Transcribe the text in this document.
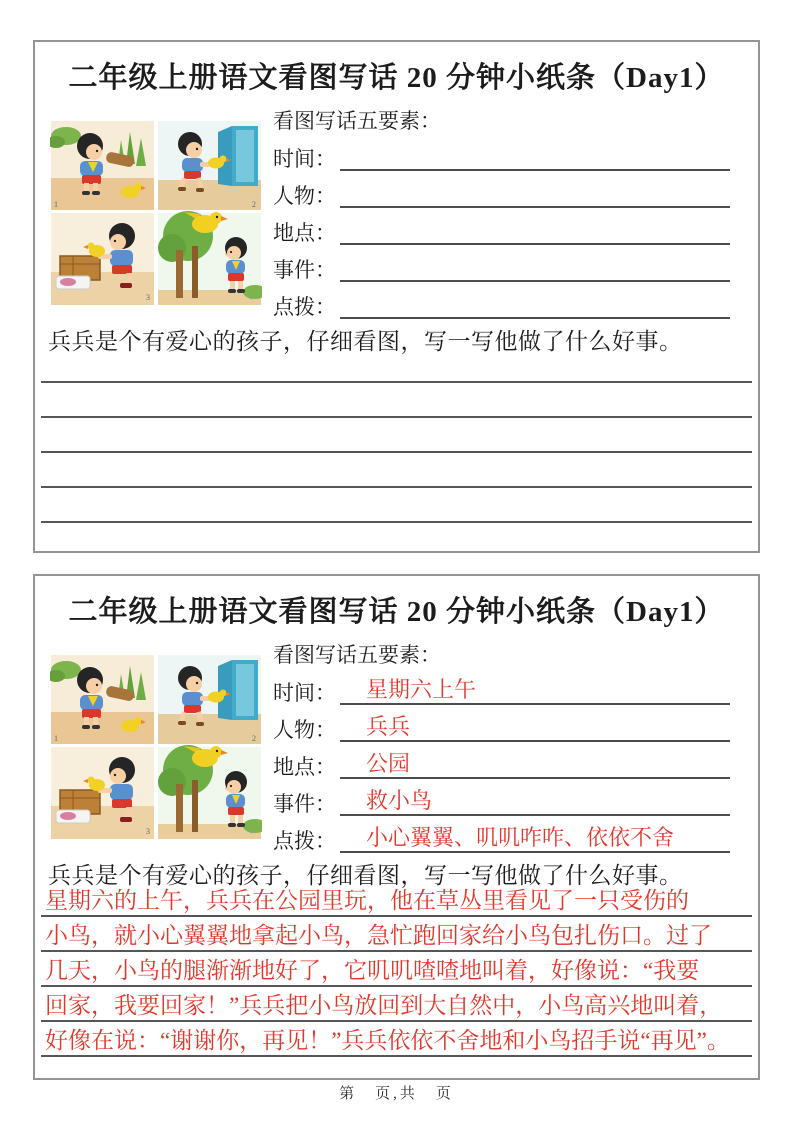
二年级上册语文看图写话 20 分钟小纸条（Day1）
看图写话五要素：
时间：
人物：
地点：
事件：
点拨：

兵兵是个有爱心的孩子，仔细看图，写一写他做了什么好事。

二年级上册语文看图写话 20 分钟小纸条（Day1）
看图写话五要素：
时间： 星期六上午
人物： 兵兵
地点： 公园
事件： 救小鸟
点拨： 小心翼翼、叽叽咋咋、依依不舍

兵兵是个有爱心的孩子，仔细看图，写一写他做了什么好事。

星期六的上午，兵兵在公园里玩，他在草丛里看见了一只受伤的
小鸟，就小心翼翼地拿起小鸟，急忙跑回家给小鸟包扎伤口。过了
几天，小鸟的腿渐渐地好了，它叽叽喳喳地叫着，好像说：“我要
回家，我要回家！”兵兵把小鸟放回到大自然中，小鸟高兴地叫着，
好像在说：“谢谢你，再见！”兵兵依依不舍地和小鸟招手说“再见”。
第　页,共　页
